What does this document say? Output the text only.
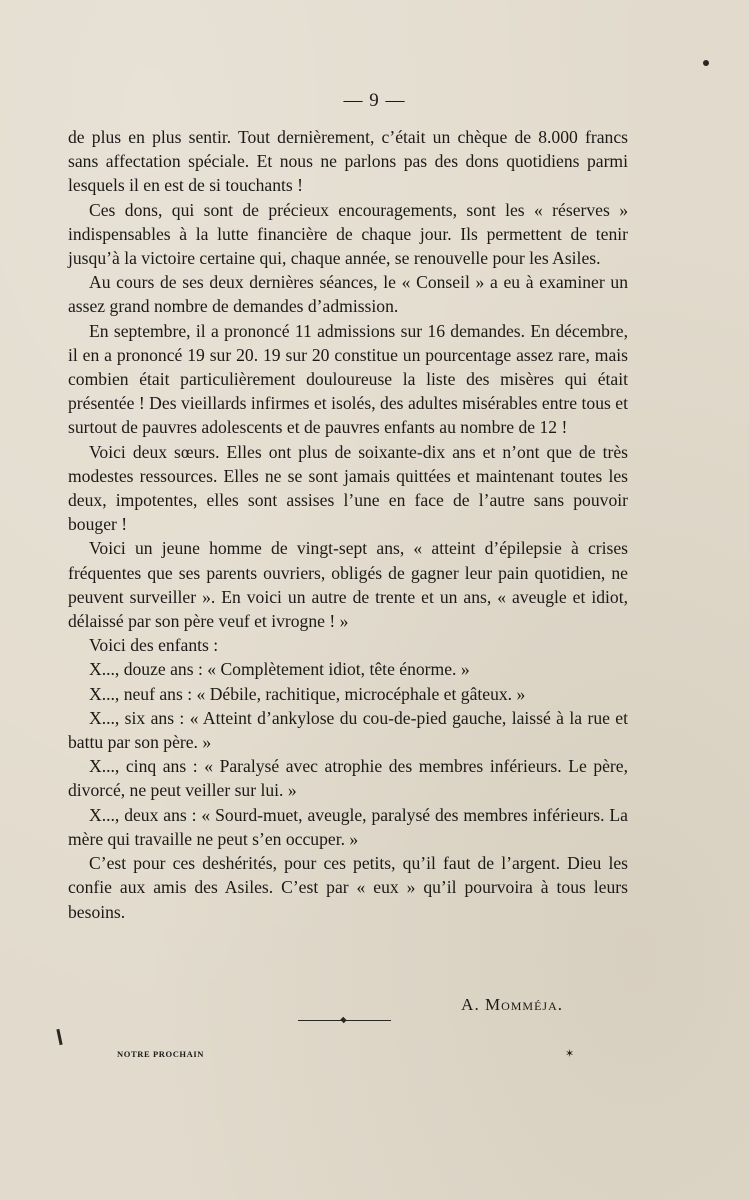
— 9 —

de plus en plus sentir. Tout dernièrement, c’était un chèque de 8.000 francs sans affectation spéciale. Et nous ne parlons pas des dons quotidiens parmi lesquels il en est de si touchants !

Ces dons, qui sont de précieux encouragements, sont les « réserves » indispensables à la lutte financière de chaque jour. Ils permettent de tenir jusqu’à la victoire certaine qui, chaque année, se renouvelle pour les Asiles.

Au cours de ses deux dernières séances, le « Conseil » a eu à examiner un assez grand nombre de demandes d’admission.

En septembre, il a prononcé 11 admissions sur 16 demandes. En décembre, il en a prononcé 19 sur 20. 19 sur 20 constitue un pourcentage assez rare, mais combien était particulièrement douloureuse la liste des misères qui était présentée ! Des vieillards infirmes et isolés, des adultes misérables entre tous et surtout de pauvres adolescents et de pauvres enfants au nombre de 12 !

Voici deux sœurs. Elles ont plus de soixante-dix ans et n’ont que de très modestes ressources. Elles ne se sont jamais quittées et maintenant toutes les deux, impotentes, elles sont assises l’une en face de l’autre sans pouvoir bouger !

Voici un jeune homme de vingt-sept ans, « atteint d’épilepsie à crises fréquentes que ses parents ouvriers, obligés de gagner leur pain quotidien, ne peuvent surveiller ». En voici un autre de trente et un ans, « aveugle et idiot, délaissé par son père veuf et ivrogne ! »

Voici des enfants :

X..., douze ans : « Complètement idiot, tête énorme. »

X..., neuf ans : « Débile, rachitique, microcéphale et gâteux. »

X..., six ans : « Atteint d’ankylose du cou-de-pied gauche, laissé à la rue et battu par son père. »

X..., cinq ans : « Paralysé avec atrophie des membres inférieurs. Le père, divorcé, ne peut veiller sur lui. »

X..., deux ans : « Sourd-muet, aveugle, paralysé des membres inférieurs. La mère qui travaille ne peut s’en occuper. »

C’est pour ces deshérités, pour ces petits, qu’il faut de l’argent. Dieu les confie aux amis des Asiles. C’est par « eux » qu’il pourvoira à tous leurs besoins.

A. Momméja.
NOTRE PROCHAIN	✶
